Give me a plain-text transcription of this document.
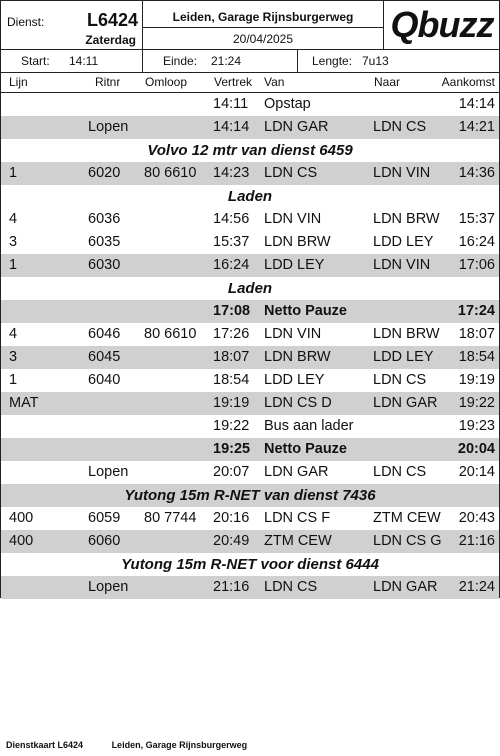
Dienst: L6424
Zaterdag
Leiden, Garage Rijnsburgerweg
20/04/2025	Qbuzz
Start: 14:11	Einde: 21:24	Lengte: 7u13
Lijn	Ritnr Omloop Vertrek Van	Naar	Aankomst
14:11 Opstap	14:14
Lopen	14:14 LDN GAR	LDN CS 14:21
Volvo 12 mtr van dienst 6459
1	6020 80 6610 14:23 LDN CS	LDN VIN 14:36
Laden
4	6036	14:56 LDN VIN	LDN BRW 15:37
3	6035	15:37 LDN BRW	LDD LEY 16:24
1	6030	16:24 LDD LEY	LDN VIN 17:06
Laden
17:08 Netto Pauze	17:24
4	6046 80 6610 17:26 LDN VIN	LDN BRW 18:07
3	6045	18:07 LDN BRW	LDD LEY 18:54
1	6040	18:54 LDD LEY	LDN CS 19:19
MAT	19:19 LDN CS D	LDN GAR 19:22
19:22 Bus aan lader	19:23
19:25 Netto Pauze	20:04
Lopen	20:07 LDN GAR	LDN CS 20:14
Yutong 15m R-NET van dienst 7436
400	6059 80 7744 20:16 LDN CS F	ZTM CEW 20:43
400	6060	20:49 ZTM CEW	LDN CS G 21:16
Yutong 15m R-NET voor dienst 6444
Lopen	21:16 LDN CS	LDN GAR 21:24
Dienstkaart L6424	Leiden, Garage Rijnsburgerweg
